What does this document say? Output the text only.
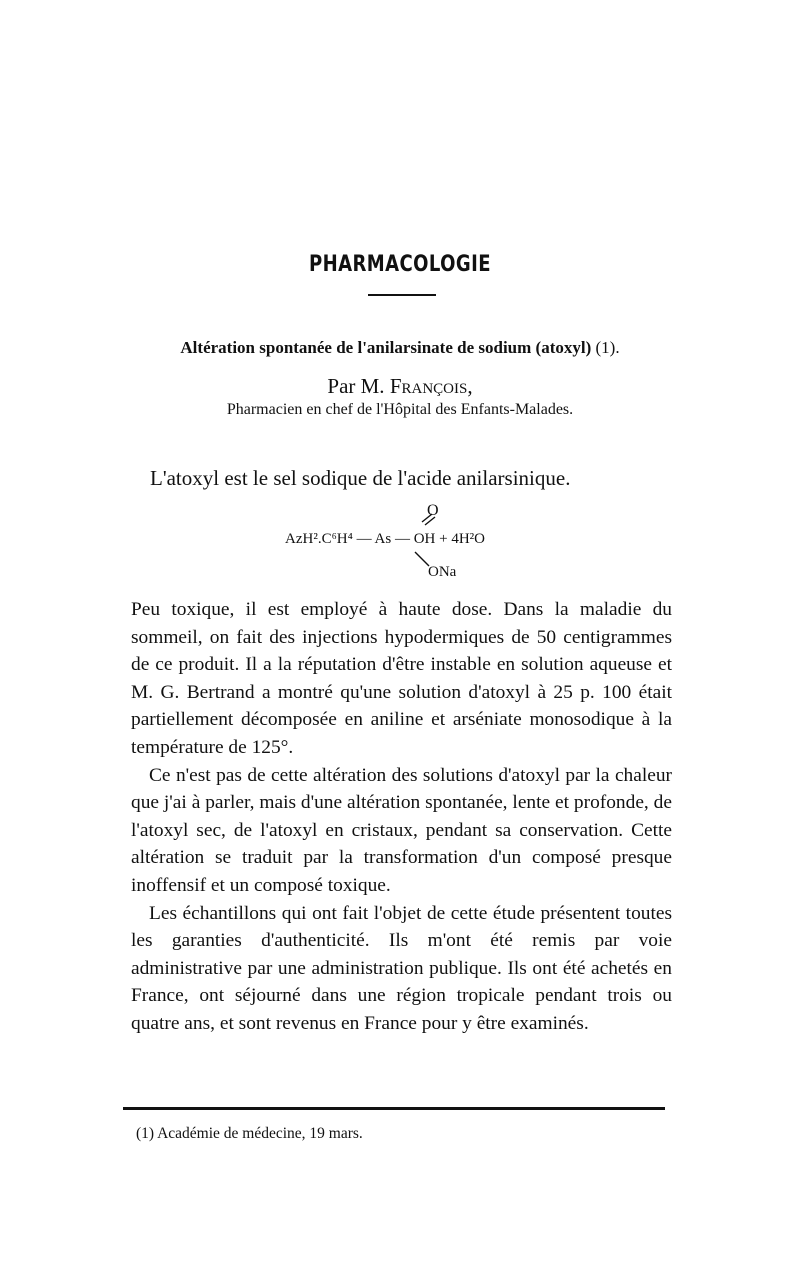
PHARMACOLOGIE
Altération spontanée de l'anilarsinate de sodium (atoxyl) (1).
Par M. François,
Pharmacien en chef de l'Hôpital des Enfants-Malades.
L'atoxyl est le sel sodique de l'acide anilarsinique.
O
AzH².C⁶H⁴ — As — OH + 4H²O
ONa

Peu toxique, il est employé à haute dose. Dans la maladie du sommeil, on fait des injections hypodermiques de 50 centigrammes de ce produit. Il a la réputation d'être instable en solution aqueuse et M. G. Bertrand a montré qu'une solution d'atoxyl à 25 p. 100 était partiellement décomposée en aniline et arséniate monosodique à la température de 125°.

Ce n'est pas de cette altération des solutions d'atoxyl par la chaleur que j'ai à parler, mais d'une altération spontanée, lente et profonde, de l'atoxyl sec, de l'atoxyl en cristaux, pendant sa conservation. Cette altération se traduit par la transformation d'un composé presque inoffensif et un composé toxique.

Les échantillons qui ont fait l'objet de cette étude présentent toutes les garanties d'authenticité. Ils m'ont été remis par voie administrative par une administration publique. Ils ont été achetés en France, ont séjourné dans une région tropicale pendant trois ou quatre ans, et sont revenus en France pour y être examinés.

(1) Académie de médecine, 19 mars.
